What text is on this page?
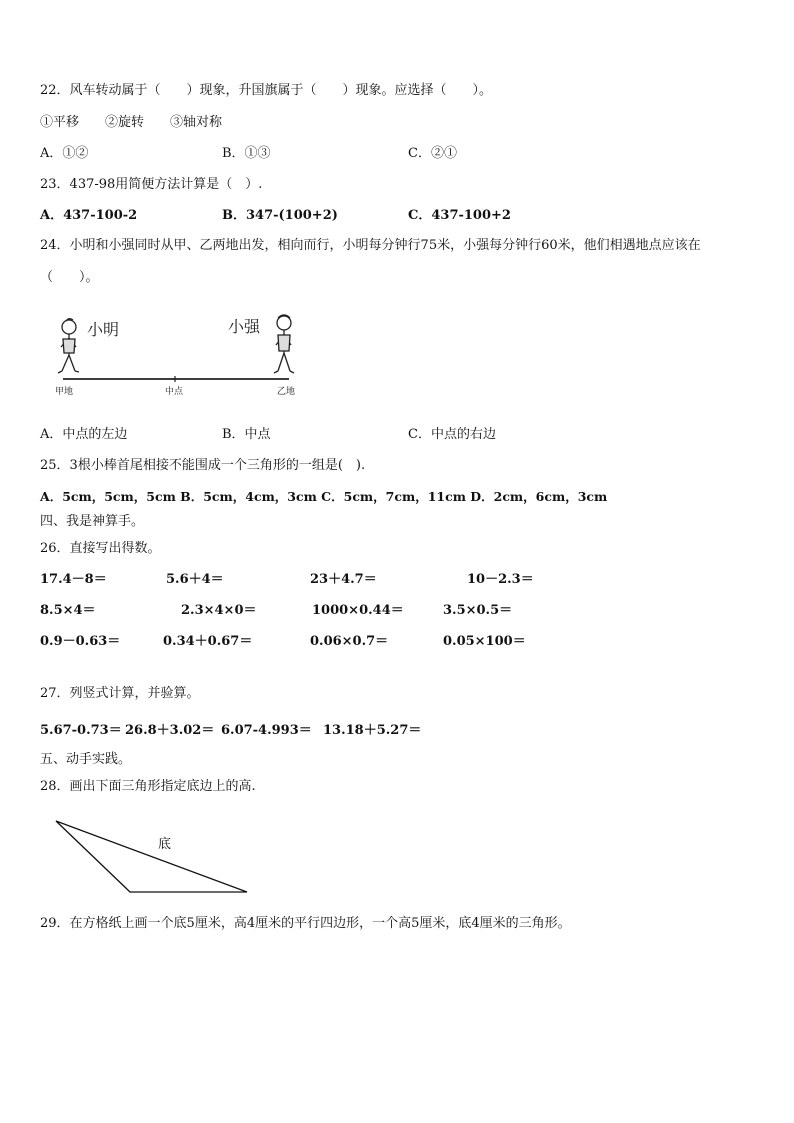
22．风车转动属于（　　）现象，升国旗属于（　　）现象。应选择（　　）。
①平移　　②旋转　　③轴对称
A．①②	B．①③	C．②①
23．437-98用简便方法计算是（　）.
A．437-100-2	B．347-(100+2)	C．437-100+2
24．小明和小强同时从甲、乙两地出发，相向而行，小明每分钟行75米，小强每分钟行60米，他们相遇地点应该在
（　　）。
小明	小强
甲地	中点	乙地
A．中点的左边	B．中点	C．中点的右边
25．3根小棒首尾相接不能围成一个三角形的一组是(　).
A．5cm，5cm，5cm B．5cm，4cm，3cm C．5cm，7cm，11cm D．2cm，6cm，3cm
四、我是神算手。
26．直接写出得数。
17.4－8＝	5.6＋4＝	23＋4.7＝	10－2.3＝
8.5×4＝	2.3×4×0＝	1000×0.44＝	3.5×0.5＝
0.9－0.63＝	0.34＋0.67＝	0.06×0.7＝	0.05×100＝
27．列竖式计算，并验算。
5.67-0.73＝ 26.8＋3.02＝ 6.07-4.993＝ 13.18＋5.27＝
五、动手实践。
28．画出下面三角形指定底边上的高.
底
29．在方格纸上画一个底5厘米，高4厘米的平行四边形，一个高5厘米，底4厘米的三角形。
